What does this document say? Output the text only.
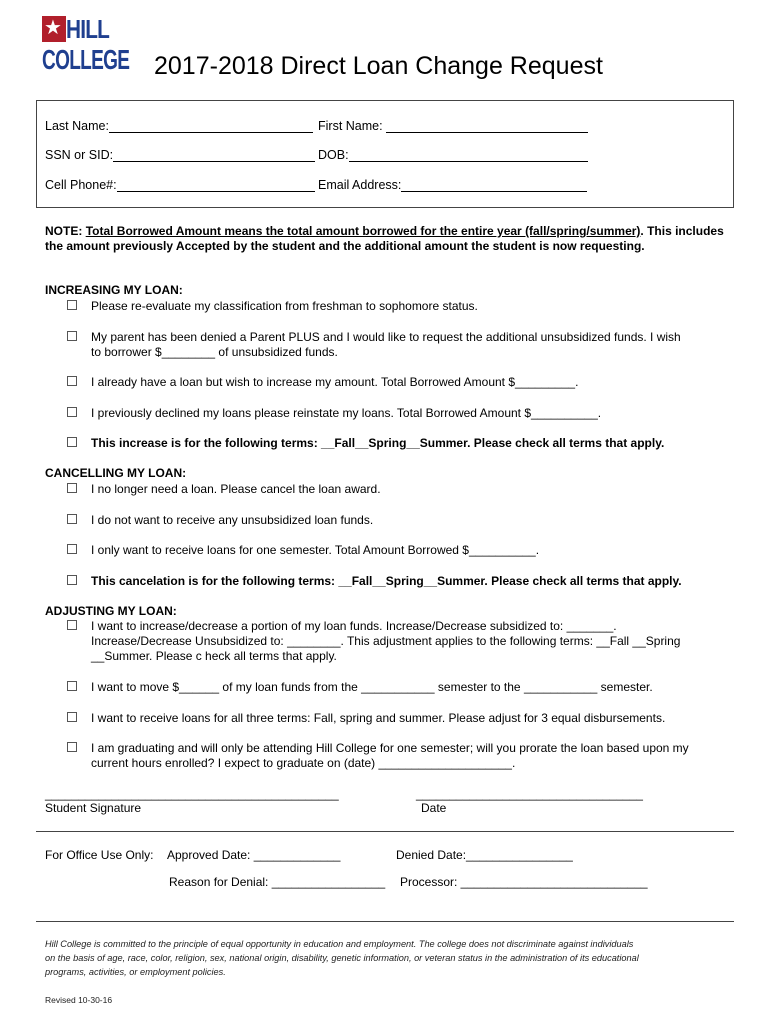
★ HILL
COLLEGE 2017-2018 Direct Loan Change Request
Last Name:	First Name:
SSN or SID:	DOB:
Cell Phone#:	Email Address:
NOTE: Total Borrowed Amount means the total amount borrowed for the entire year (fall/spring/summer). This includes the amount previously Accepted by the student and the additional amount the student is now requesting.
INCREASING MY LOAN:
Please re-evaluate my classification from freshman to sophomore status.
My parent has been denied a Parent PLUS and I would like to request the additional unsubsidized funds. I wish
to borrower $________ of unsubsidized funds.
I already have a loan but wish to increase my amount. Total Borrowed Amount $_________.
I previously declined my loans please reinstate my loans. Total Borrowed Amount $__________.
This increase is for the following terms: __Fall__Spring__Summer. Please check all terms that apply.
CANCELLING MY LOAN:
I no longer need a loan. Please cancel the loan award.
I do not want to receive any unsubsidized loan funds.
I only want to receive loans for one semester. Total Amount Borrowed $__________.
This cancelation is for the following terms: __Fall__Spring__Summer. Please check all terms that apply.
ADJUSTING MY LOAN:
I want to increase/decrease a portion of my loan funds. Increase/Decrease subsidized to: _______.
Increase/Decrease Unsubsidized to: ________. This adjustment applies to the following terms: __Fall __Spring
__Summer. Please c heck all terms that apply.
I want to move $______ of my loan funds from the ___________ semester to the ___________ semester.
I want to receive loans for all three terms: Fall, spring and summer. Please adjust for 3 equal disbursements.
I am graduating and will only be attending Hill College for one semester; will you prorate the loan based upon my
current hours enrolled? I expect to graduate on (date) ____________________.
____________________________________________	__________________________________
Student Signature	Date
For Office Use Only: Approved Date: _____________	Denied Date:________________
Reason for Denial: _________________ Processor: ____________________________
Hill College is committed to the principle of equal opportunity in education and employment. The college does not discriminate against individuals
on the basis of age, race, color, religion, sex, national origin, disability, genetic information, or veteran status in the administration of its educational
programs, activities, or employment policies.
Revised 10-30-16
